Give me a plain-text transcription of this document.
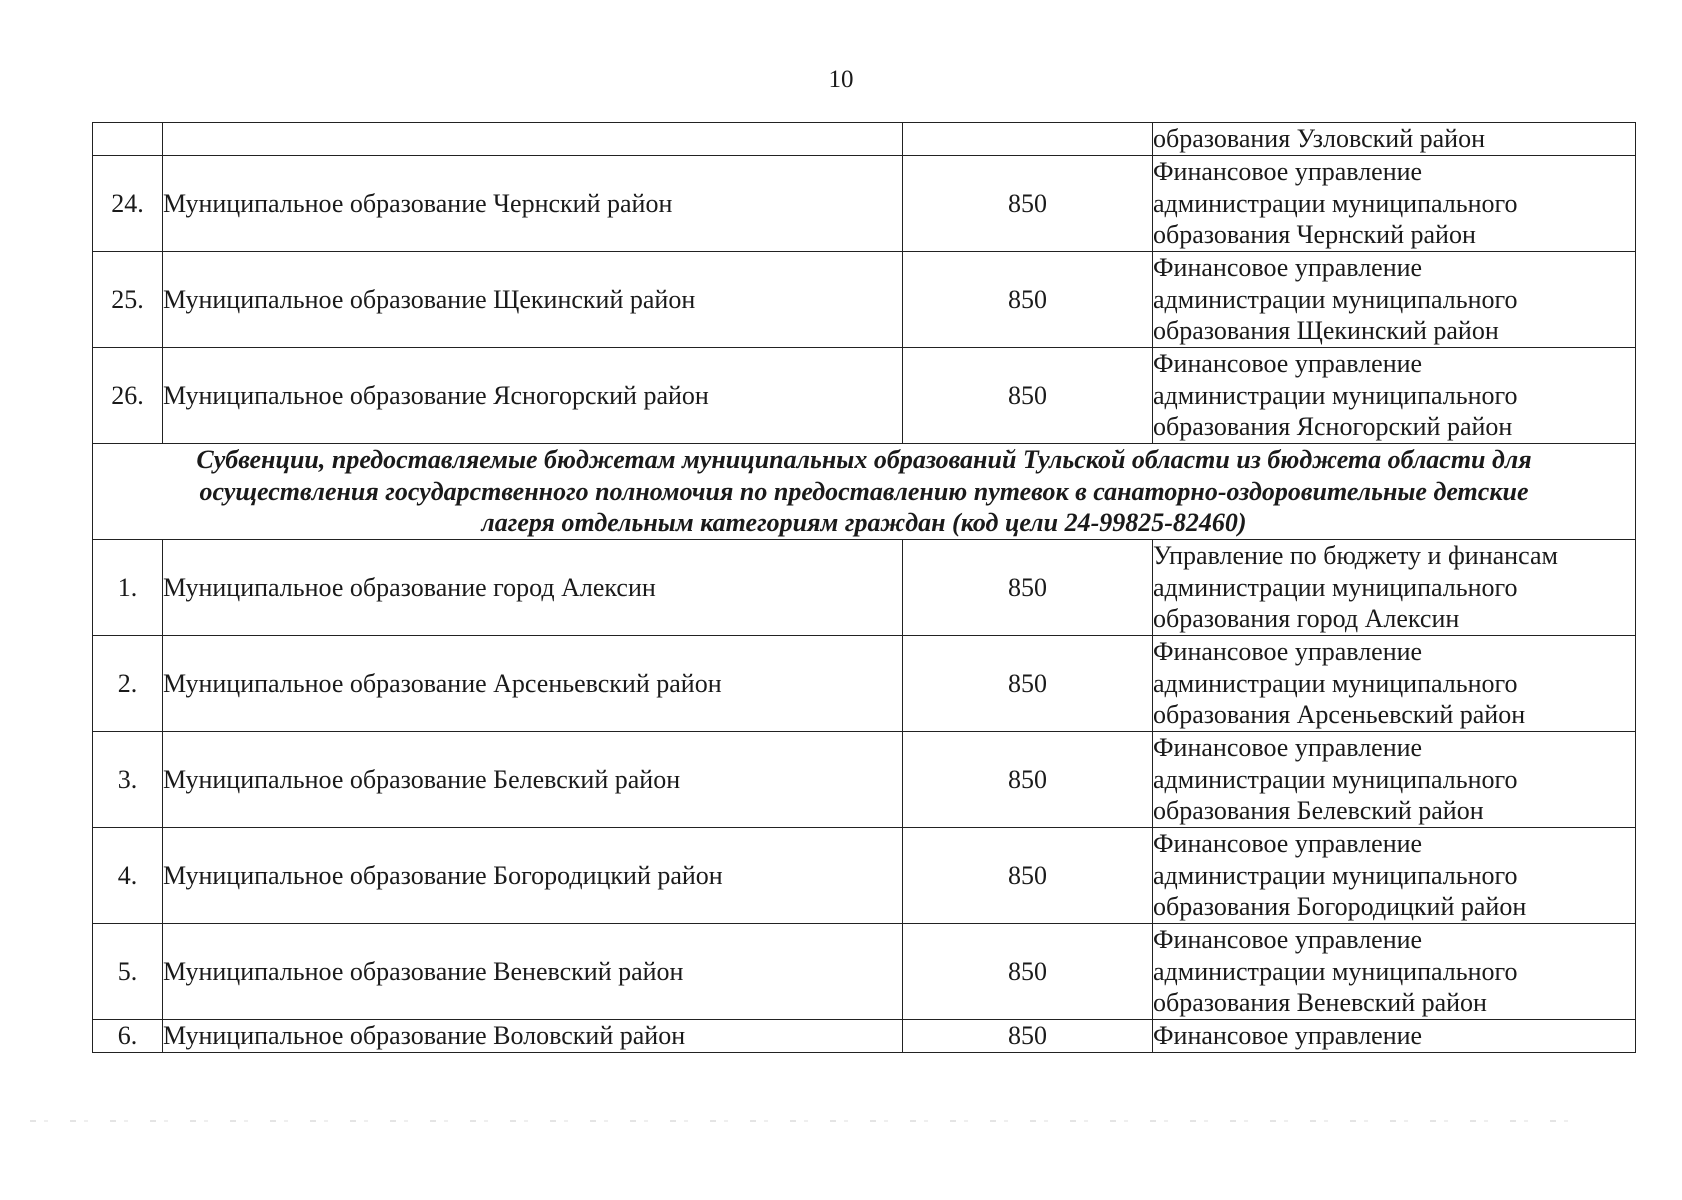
10

			образования Узловский район

24.	Муниципальное образование Чернский район	850	Финансовое управление
администрации муниципального
образования Чернский район

25.	Муниципальное образование Щекинский район	850	Финансовое управление
администрации муниципального
образования Щекинский район

26.	Муниципальное образование Ясногорский район	850	Финансовое управление
администрации муниципального
образования Ясногорский район

Субвенции, предоставляемые бюджетам муниципальных образований Тульской области из бюджета области для
осуществления государственного полномочия по предоставлению путевок в санаторно-оздоровительные детские
лагеря отдельным категориям граждан (код цели 24-99825-82460)			

1.	Муниципальное образование город Алексин	850	Управление по бюджету и финансам
администрации муниципального
образования город Алексин

2.	Муниципальное образование Арсеньевский район	850	Финансовое управление
администрации муниципального
образования Арсеньевский район

3.	Муниципальное образование Белевский район	850	Финансовое управление
администрации муниципального
образования Белевский район

4.	Муниципальное образование Богородицкий район	850	Финансовое управление
администрации муниципального
образования Богородицкий район

5.	Муниципальное образование Веневский район	850	Финансовое управление
администрации муниципального
образования Веневский район

6.	Муниципальное образование Воловский район	850	Финансовое управление
